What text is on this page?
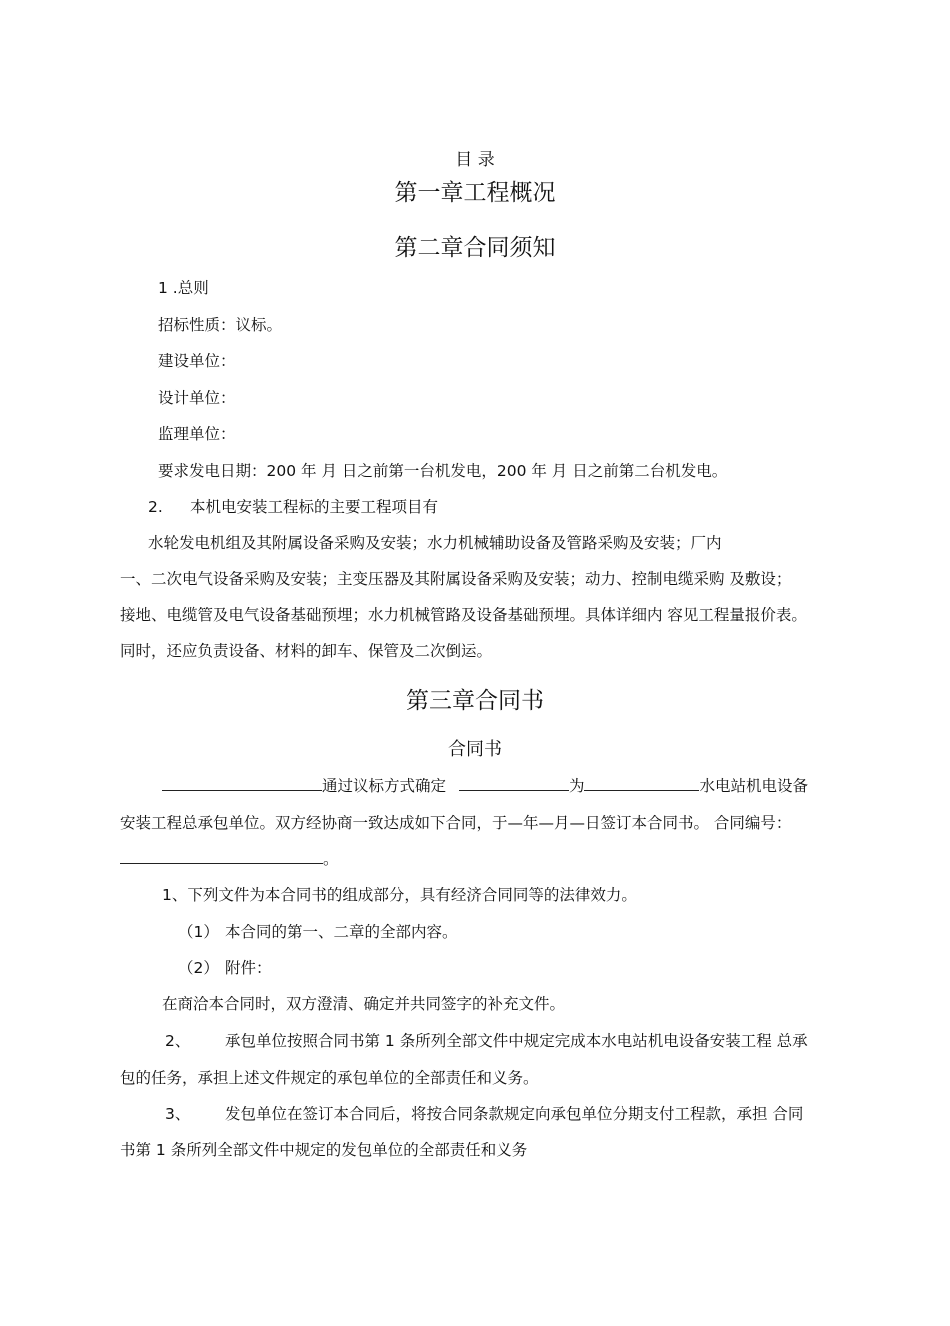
目 录
第一章工程概况
第二章合同须知
1 .总则
招标性质：议标。
建设单位：
设计单位：
监理单位：
要求发电日期：200 年 月 日之前第一台机发电，200 年 月 日之前第二台机发电。
2. 本机电安装工程标的主要工程项目有
水轮发电机组及其附属设备采购及安装；水力机械辅助设备及管路采购及安装；厂内
一、二次电气设备采购及安装；主变压器及其附属设备采购及安装；动力、控制电缆采购 及敷设；
接地、电缆管及电气设备基础预埋；水力机械管路及设备基础预埋。具体详细内 容见工程量报价表。
同时，还应负责设备、材料的卸车、保管及二次倒运。
第三章合同书
合同书
通过议标方式确定	为	水电站机电设备
安装工程总承包单位。双方经协商一致达成如下合同，于—年—月—日签订本合同书。 合同编号：
。
1、下列文件为本合同书的组成部分，具有经济合同同等的法律效力。
（1） 本合同的第一、二章的全部内容。
（2） 附件：
在商洽本合同时，双方澄清、确定并共同签字的补充文件。
2、 承包单位按照合同书第 1 条所列全部文件中规定完成本水电站机电设备安装工程 总承
包的任务，承担上述文件规定的承包单位的全部责任和义务。
3、 发包单位在签订本合同后，将按合同条款规定向承包单位分期支付工程款，承担 合同
书第 1 条所列全部文件中规定的发包单位的全部责任和义务
